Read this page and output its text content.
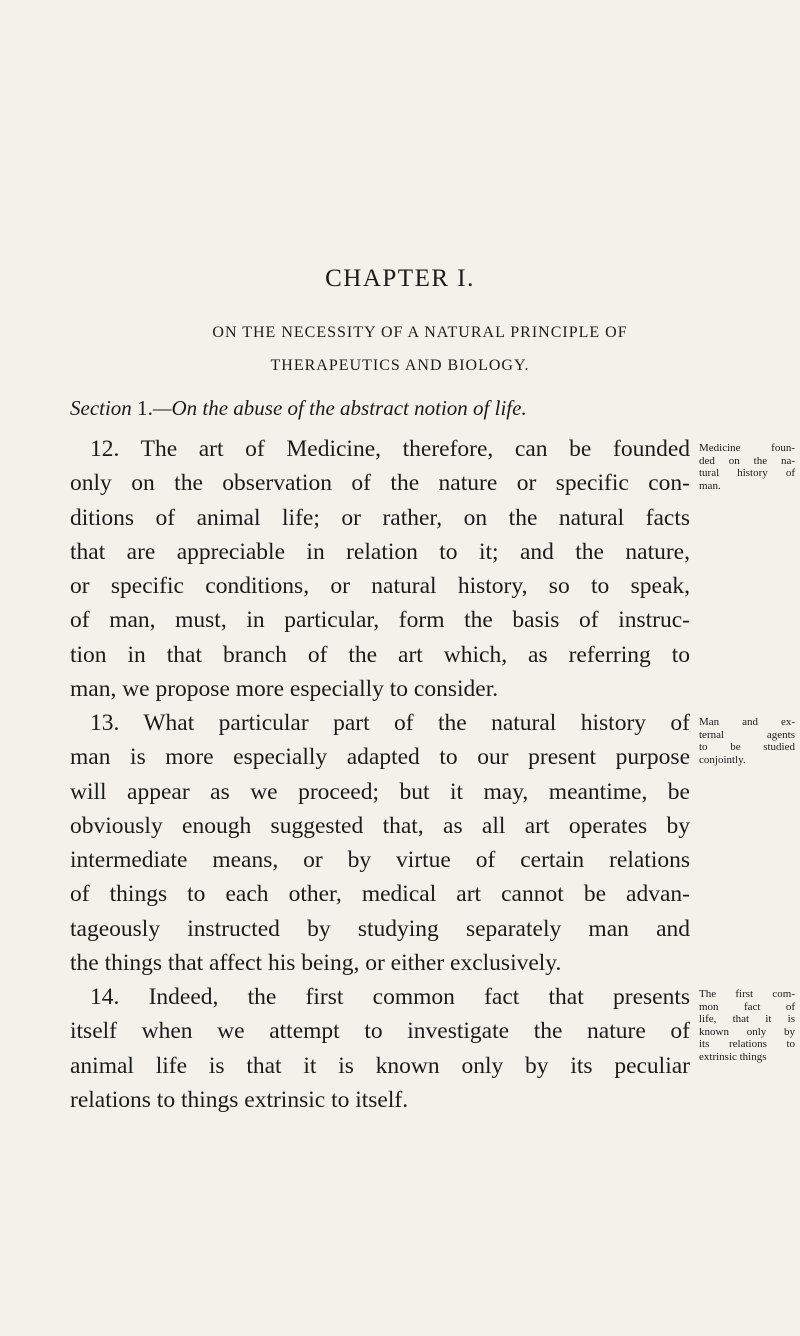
CHAPTER I.
ON THE NECESSITY OF A NATURAL PRINCIPLE OF
THERAPEUTICS AND BIOLOGY.
Section 1.—On the abuse of the abstract notion of life.
12. The art of Medicine, therefore, can be founded
only on the observation of the nature or specific con-
ditions of animal life; or rather, on the natural facts
that are appreciable in relation to it; and the nature,
or specific conditions, or natural history, so to speak,
of man, must, in particular, form the basis of instruc-
tion in that branch of the art which, as referring to
man, we propose more especially to consider.
13. What particular part of the natural history of
man is more especially adapted to our present purpose
will appear as we proceed; but it may, meantime, be
obviously enough suggested that, as all art operates by
intermediate means, or by virtue of certain relations
of things to each other, medical art cannot be advan-
tageously instructed by studying separately man and
the things that affect his being, or either exclusively.
14. Indeed, the first common fact that presents
itself when we attempt to investigate the nature of
animal life is that it is known only by its peculiar
relations to things extrinsic to itself.
Medicine foun-
ded on the na-
tural history of
man.
Man and ex-
ternal agents
to be studied
conjointly.
The first com-
mon fact of
life, that it is
known only by
its relations to
extrinsic things
